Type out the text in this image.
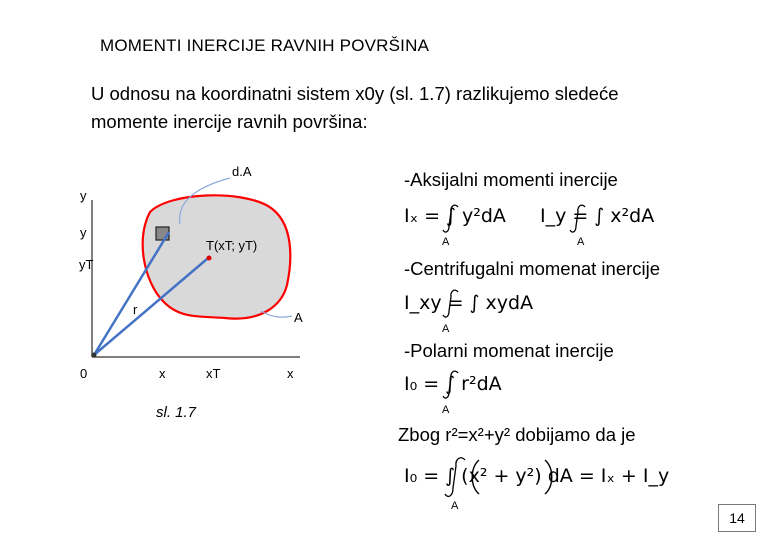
MOMENTI INERCIJE RAVNIH POVRŠINA
U odnosu na koordinatni sistem x0y (sl. 1.7) razlikujemo sledeće
momente inercije ravnih površina:
d.A
y
y
yT
T(xT; yT)
r
A
0	x	xT	x
sl. 1.7
-Aksijalni momenti inercije
-Centrifugalni momenat inercije
-Polarni momenat inercije
Zbog r²=x²+y² dobijamo da je
Iₓ = ∫ y²dA I_y = ∫ x²dA
I_xy = ∫ xydA
I₀ = ∫ r²dA
I₀ = ∫ (x² + y²) dA = Iₓ + I_y
A	A
A
A
A
14
